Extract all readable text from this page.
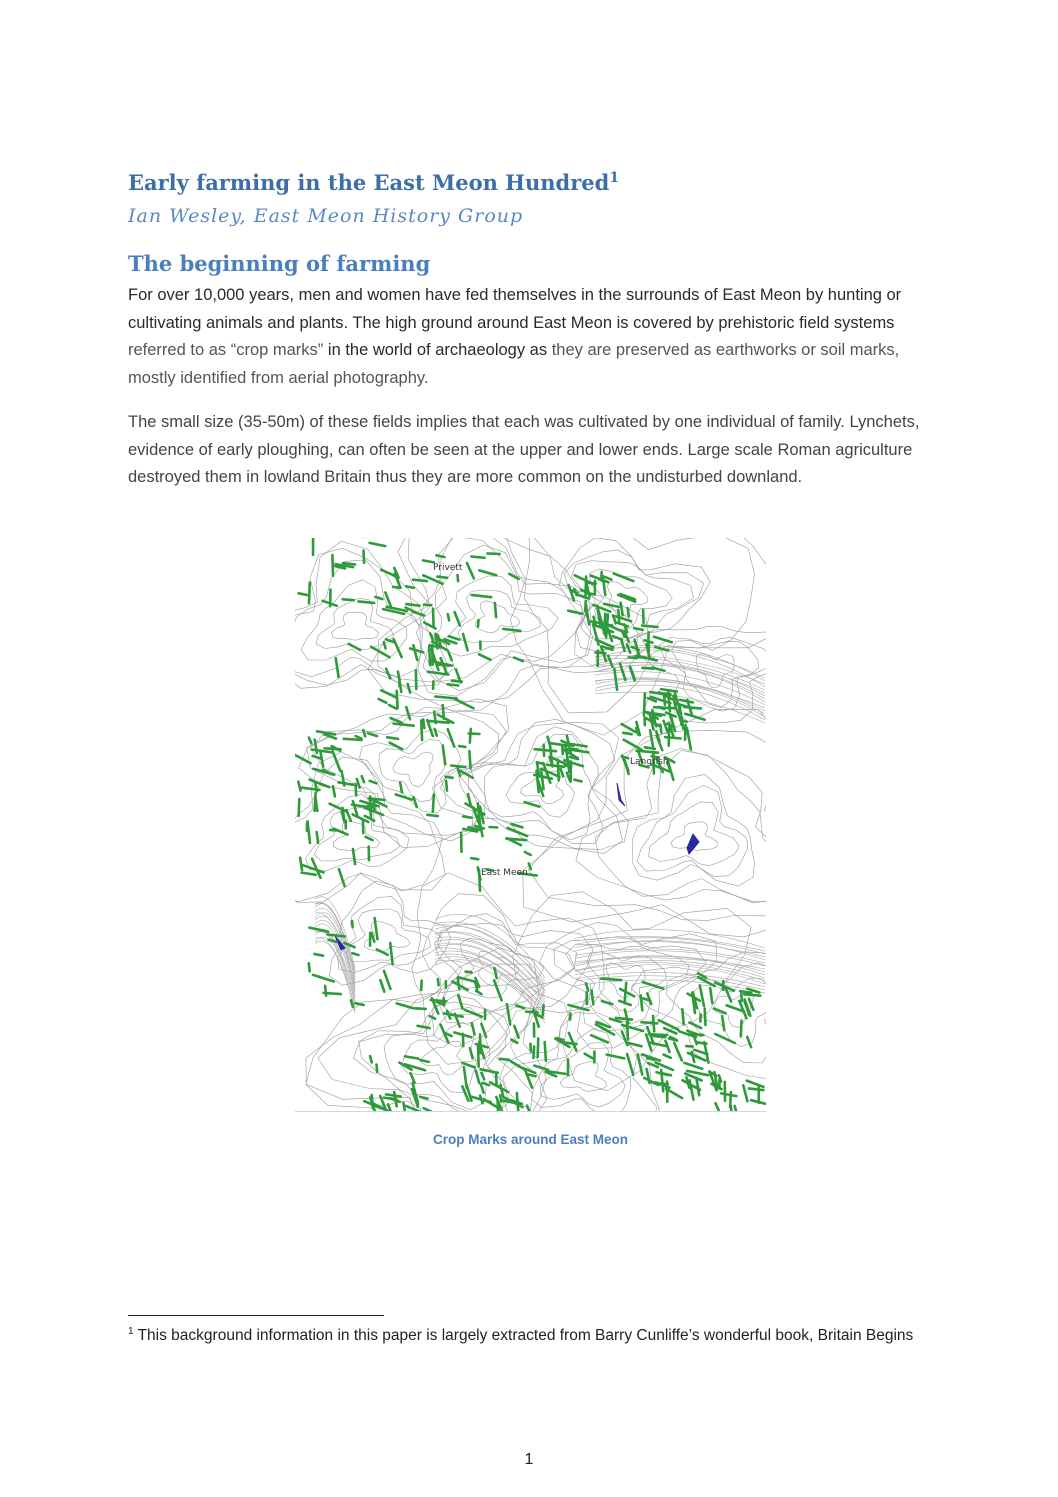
Early farming in the East Meon Hundred$^1$

Ian Wesley, East Meon History Group

The beginning of farming

For over 10,000 years, men and women have fed themselves in the surrounds of East Meon by hunting or cultivating animals and plants. The high ground around East Meon is covered by prehistoric field systems referred to as “crop marks” in the world of archaeology as they are preserved as earthworks or soil marks, mostly identified from aerial photography.

The small size (35-50m) of these fields implies that each was cultivated by one individual of family. Lynchets, evidence of early ploughing, can often be seen at the upper and lower ends. Large scale Roman agriculture destroyed them in lowland Britain thus they are more common on the undisturbed downland.

Privett
Langrish
East Meon

Crop Marks around East Meon

$^1$ This background information in this paper is largely extracted from Barry Cunliffe’s wonderful book, Britain Begins

1
